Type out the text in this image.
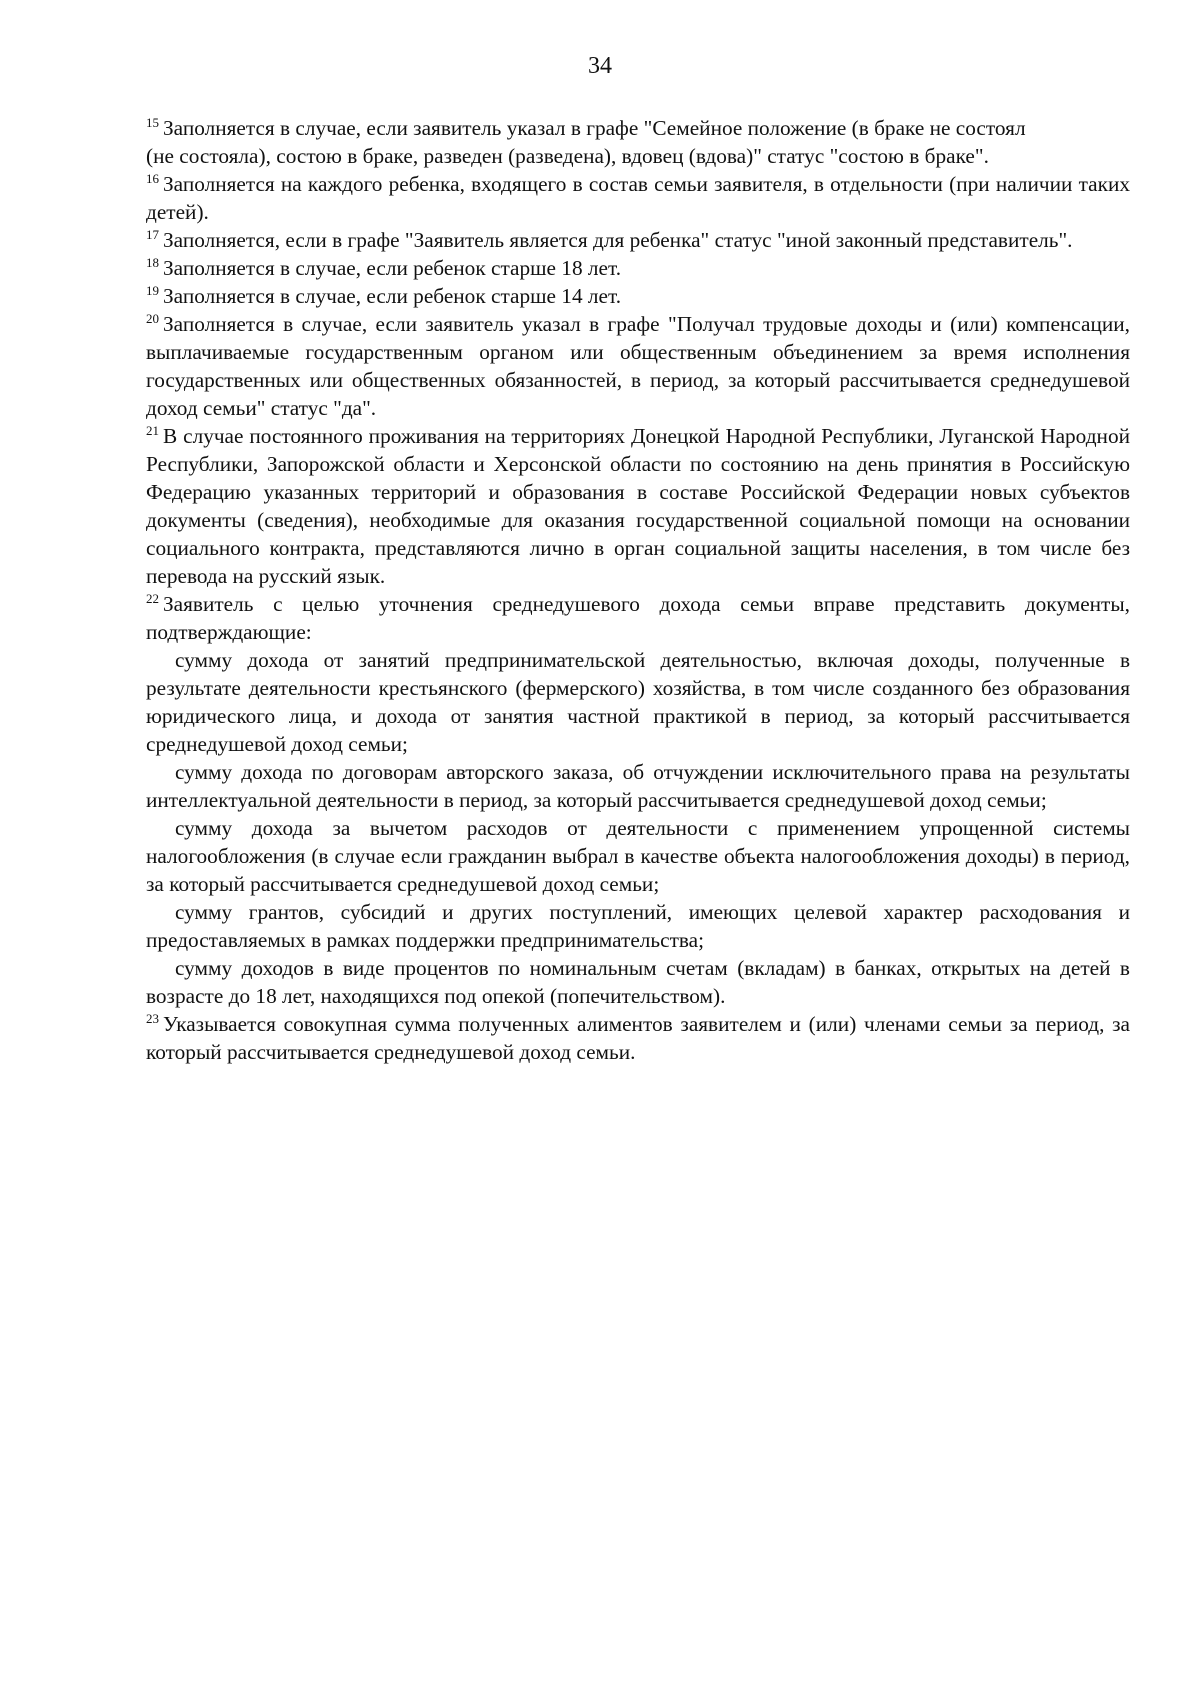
34

$^{15}$ Заполняется в случае, если заявитель указал в графе "Семейное положение (в браке не состоял
(не состояла), состою в браке, разведен (разведена), вдовец (вдова)" статус "состою в браке".

$^{16}$ Заполняется на каждого ребенка, входящего в состав семьи заявителя, в отдельности (при наличии таких детей).

$^{17}$ Заполняется, если в графе "Заявитель является для ребенка" статус "иной законный представитель".

$^{18}$ Заполняется в случае, если ребенок старше 18 лет.

$^{19}$ Заполняется в случае, если ребенок старше 14 лет.

$^{20}$ Заполняется в случае, если заявитель указал в графе "Получал трудовые доходы и (или) компенсации, выплачиваемые государственным органом или общественным объединением за время исполнения государственных или общественных обязанностей, в период, за который рассчитывается среднедушевой доход семьи" статус "да".

$^{21}$ В случае постоянного проживания на территориях Донецкой Народной Республики, Луганской Народной Республики, Запорожской области и Херсонской области по состоянию на день принятия в Российскую Федерацию указанных территорий и образования в составе Российской Федерации новых субъектов документы (сведения), необходимые для оказания государственной социальной помощи на основании социального контракта, представляются лично в орган социальной защиты населения, в том числе без перевода на русский язык.

$^{22}$ Заявитель с целью уточнения среднедушевого дохода семьи вправе представить документы, подтверждающие:

сумму дохода от занятий предпринимательской деятельностью, включая доходы, полученные в результате деятельности крестьянского (фермерского) хозяйства, в том числе созданного без образования юридического лица, и дохода от занятия частной практикой в период, за который рассчитывается среднедушевой доход семьи;

сумму дохода по договорам авторского заказа, об отчуждении исключительного права на результаты интеллектуальной деятельности в период, за который рассчитывается среднедушевой доход семьи;

сумму дохода за вычетом расходов от деятельности с применением упрощенной системы налогообложения (в случае если гражданин выбрал в качестве объекта налогообложения доходы) в период, за который рассчитывается среднедушевой доход семьи;

сумму грантов, субсидий и других поступлений, имеющих целевой характер расходования и предоставляемых в рамках поддержки предпринимательства;

сумму доходов в виде процентов по номинальным счетам (вкладам) в банках, открытых на детей в возрасте до 18 лет, находящихся под опекой (попечительством).

$^{23}$ Указывается совокупная сумма полученных алиментов заявителем и (или) членами семьи за период, за который рассчитывается среднедушевой доход семьи.
